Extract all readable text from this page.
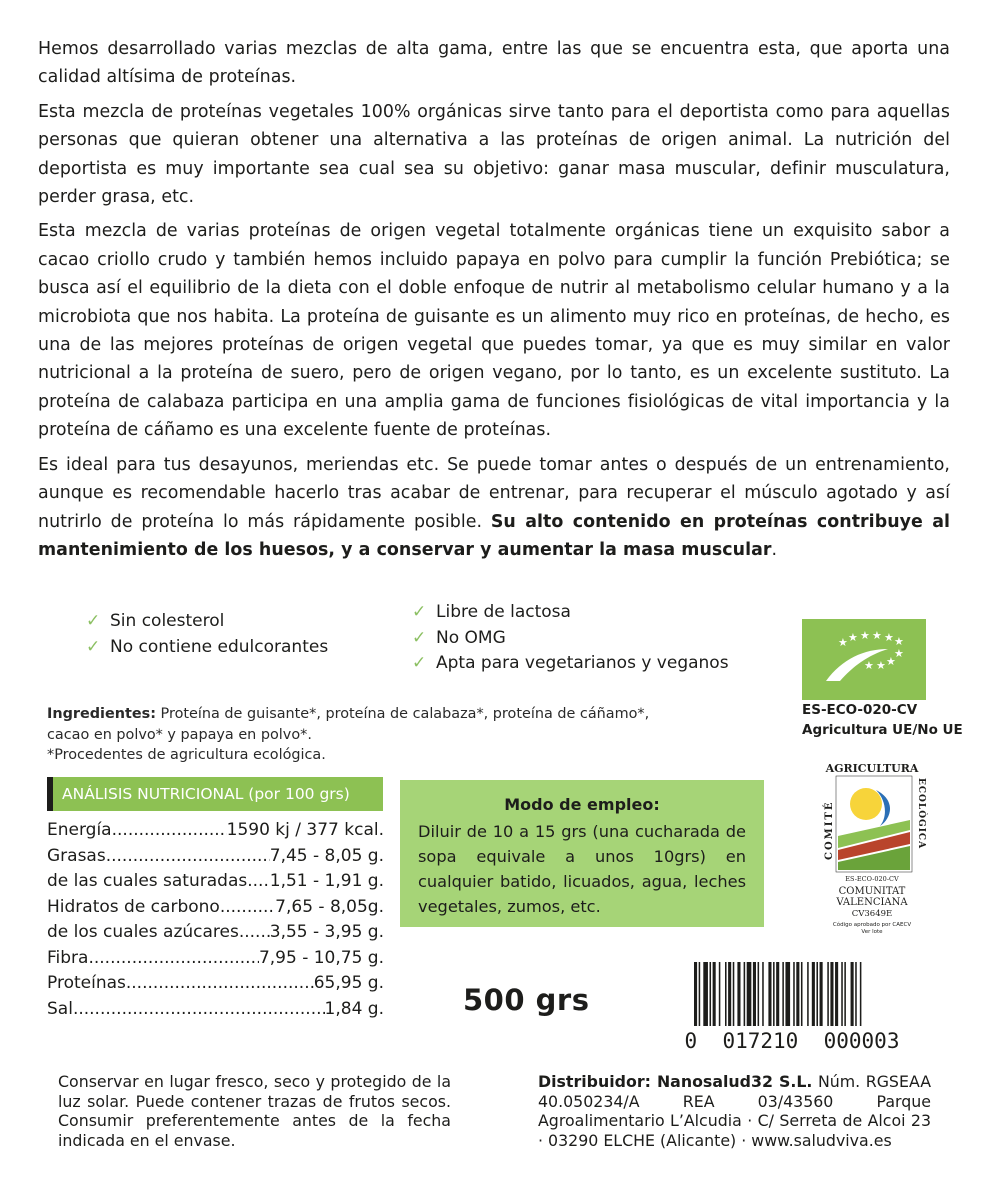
Hemos desarrollado varias mezclas de alta gama, entre las que se encuentra esta, que aporta una calidad altísima de proteínas.

Esta mezcla de proteínas vegetales 100% orgánicas sirve tanto para el deportista como para aquellas personas que quieran obtener una alternativa a las proteínas de origen animal. La nutrición del deportista es muy importante sea cual sea su objetivo: ganar masa muscular, definir musculatura, perder grasa, etc.

Esta mezcla de varias proteínas de origen vegetal totalmente orgánicas tiene un exquisito sabor a cacao criollo crudo y también hemos incluido papaya en polvo para cumplir la función Prebiótica; se busca así el equilibrio de la dieta con el doble enfoque de nutrir al metabolismo celular humano y a la microbiota que nos habita. La proteína de guisante es un alimento muy rico en proteínas, de hecho, es una de las mejores proteínas de origen vegetal que puedes tomar, ya que es muy similar en valor nutricional a la proteína de suero, pero de origen vegano, por lo tanto, es un excelente sustituto. La proteína de calabaza participa en una amplia gama de funciones fisiológicas de vital importancia y la proteína de cáñamo es una excelente fuente de proteínas.

Es ideal para tus desayunos, meriendas etc. Se puede tomar antes o después de un entrenamiento, aunque es recomendable hacerlo tras acabar de entrenar, para recuperar el músculo agotado y así nutrirlo de proteína lo más rápidamente posible. Su alto contenido en proteínas contribuye al mantenimiento de los huesos, y a conservar y aumentar la masa muscular.

✓ Sin colesterol
✓ No contiene edulcorantes
✓ Libre de lactosa
✓ No OMG
✓ Apta para vegetarianos y veganos
★ ★ ★ ★ ★
★
★ ★ ★
★
ES-ECO-020-CV
Agricultura UE/No UE
Ingredientes: Proteína de guisante*, proteína de calabaza*, proteína de cáñamo*, cacao en polvo* y papaya en polvo*.
*Procedentes de agricultura ecológica.
ANÁLISIS NUTRICIONAL (por 100 grs)
Energía .....	1590 kj / 377 kcal.
Grasas .....	7,45 - 8,05 g.
de las cuales saturadas ..... 1,51 - 1,91 g.
Hidratos de carbono .....	7,65 - 8,05g.
de los cuales azúcares ..... 3,55 - 3,95 g.
Fibra .....	7,95 - 10,75 g.
Proteínas .....	65,95 g.
Sal .....	1,84 g.
Modo de empleo:
Diluir de 10 a 15 grs (una cucharada de sopa equivale a unos 10grs) en cualquier batido, licuados, agua, leches vegetales, zumos, etc.
AGRICULTURA
COMITÉ	ECOLÒGICA
ES-ECO-020-CV
COMUNITAT
VALENCIANA
CV3649E
Código aprobado por CAECV
Ver lote
500 grs
0  017210  000003
Conservar en lugar fresco, seco y protegido de la luz solar. Puede contener trazas de frutos secos. Consumir preferentemente antes de la fecha indicada en el envase.
Distribuidor: Nanosalud32 S.L. Núm. RGSEAA 40.050234/A REA 03/43560 Parque Agroalimentario L’Alcudia · C/ Serreta de Alcoi 23 · 03290 ELCHE (Alicante) · www.saludviva.es
